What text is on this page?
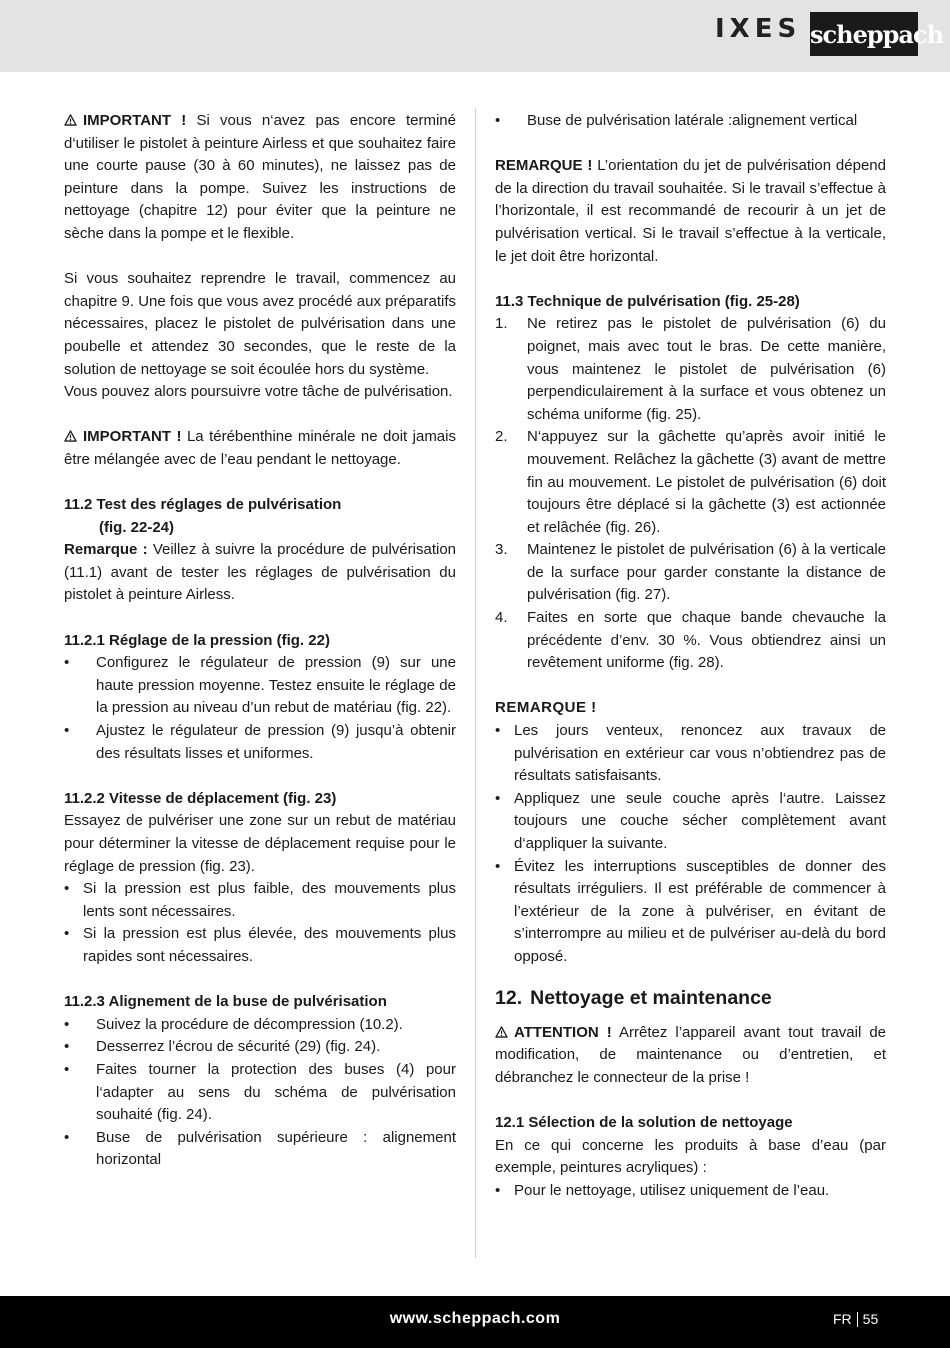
IXES scheppach
IMPORTANT ! Si vous n‘avez pas encore terminé d‘utiliser le pistolet à peinture Airless et que souhaitez faire une courte pause (30 à 60 minutes), ne laissez pas de peinture dans la pompe. Suivez les instructions de nettoyage (chapitre 12) pour éviter que la peinture ne sèche dans la pompe et le flexible.
Si vous souhaitez reprendre le travail, commencez au chapitre 9. Une fois que vous avez procédé aux préparatifs nécessaires, placez le pistolet de pulvérisation dans une poubelle et attendez 30 secondes, que le reste de la solution de nettoyage se soit écoulée hors du système.
Vous pouvez alors poursuivre votre tâche de pulvérisation.
IMPORTANT ! La térébenthine minérale ne doit jamais être mélangée avec de l’eau pendant le nettoyage.
11.2 Test des réglages de pulvérisation
(fig. 22-24)
Remarque : Veillez à suivre la procédure de pulvérisation (11.1) avant de tester les réglages de pulvérisation du pistolet à peinture Airless.
11.2.1 Réglage de la pression (fig. 22)
• Configurez le régulateur de pression (9) sur une haute pression moyenne. Testez ensuite le réglage de la pression au niveau d’un rebut de matériau (fig. 22).
• Ajustez le régulateur de pression (9) jusqu’à obtenir des résultats lisses et uniformes.
11.2.2 Vitesse de déplacement (fig. 23)
Essayez de pulvériser une zone sur un rebut de matériau pour déterminer la vitesse de déplacement requise pour le réglage de pression (fig. 23).
• Si la pression est plus faible, des mouvements plus lents sont nécessaires.
• Si la pression est plus élevée, des mouvements plus rapides sont nécessaires.
11.2.3 Alignement de la buse de pulvérisation
• Suivez la procédure de décompression (10.2).
• Desserrez l’écrou de sécurité (29) (fig. 24).
• Faites tourner la protection des buses (4) pour l‘adapter au sens du schéma de pulvérisation souhaité (fig. 24).
• Buse de pulvérisation supérieure : alignement horizontal
• Buse de pulvérisation latérale :alignement vertical
REMARQUE ! L’orientation du jet de pulvérisation dépend de la direction du travail souhaitée. Si le travail s’effectue à l’horizontale, il est recommandé de recourir à un jet de pulvérisation vertical. Si le travail s’effectue à la verticale, le jet doit être horizontal.
11.3 Technique de pulvérisation (fig. 25-28)
1. Ne retirez pas le pistolet de pulvérisation (6) du poignet, mais avec tout le bras. De cette manière, vous maintenez le pistolet de pulvérisation (6) perpendiculairement à la surface et vous obtenez un schéma uniforme (fig. 25).
2. N‘appuyez sur la gâchette qu’après avoir initié le mouvement. Relâchez la gâchette (3) avant de mettre fin au mouvement. Le pistolet de pulvérisation (6) doit toujours être déplacé si la gâchette (3) est actionnée et relâchée (fig. 26).
3. Maintenez le pistolet de pulvérisation (6) à la verticale de la surface pour garder constante la distance de pulvérisation (fig. 27).
4. Faites en sorte que chaque bande chevauche la précédente d’env. 30 %. Vous obtiendrez ainsi un revêtement uniforme (fig. 28).
REMARQUE !
• Les jours venteux, renoncez aux travaux de pulvérisation en extérieur car vous n’obtiendrez pas de résultats satisfaisants.
• Appliquez une seule couche après l‘autre. Laissez toujours une couche sécher complètement avant d‘appliquer la suivante.
• Évitez les interruptions susceptibles de donner des résultats irréguliers. Il est préférable de commencer à l’extérieur de la zone à pulvériser, en évitant de s’interrompre au milieu et de pulvériser au-delà du bord opposé.
12. Nettoyage et maintenance
ATTENTION ! Arrêtez l’appareil avant tout travail de modification, de maintenance ou d’entretien, et débranchez le connecteur de la prise !
12.1 Sélection de la solution de nettoyage
En ce qui concerne les produits à base d’eau (par exemple, peintures acryliques) :
• Pour le nettoyage, utilisez uniquement de l’eau.
www.scheppach.com	FR 55
